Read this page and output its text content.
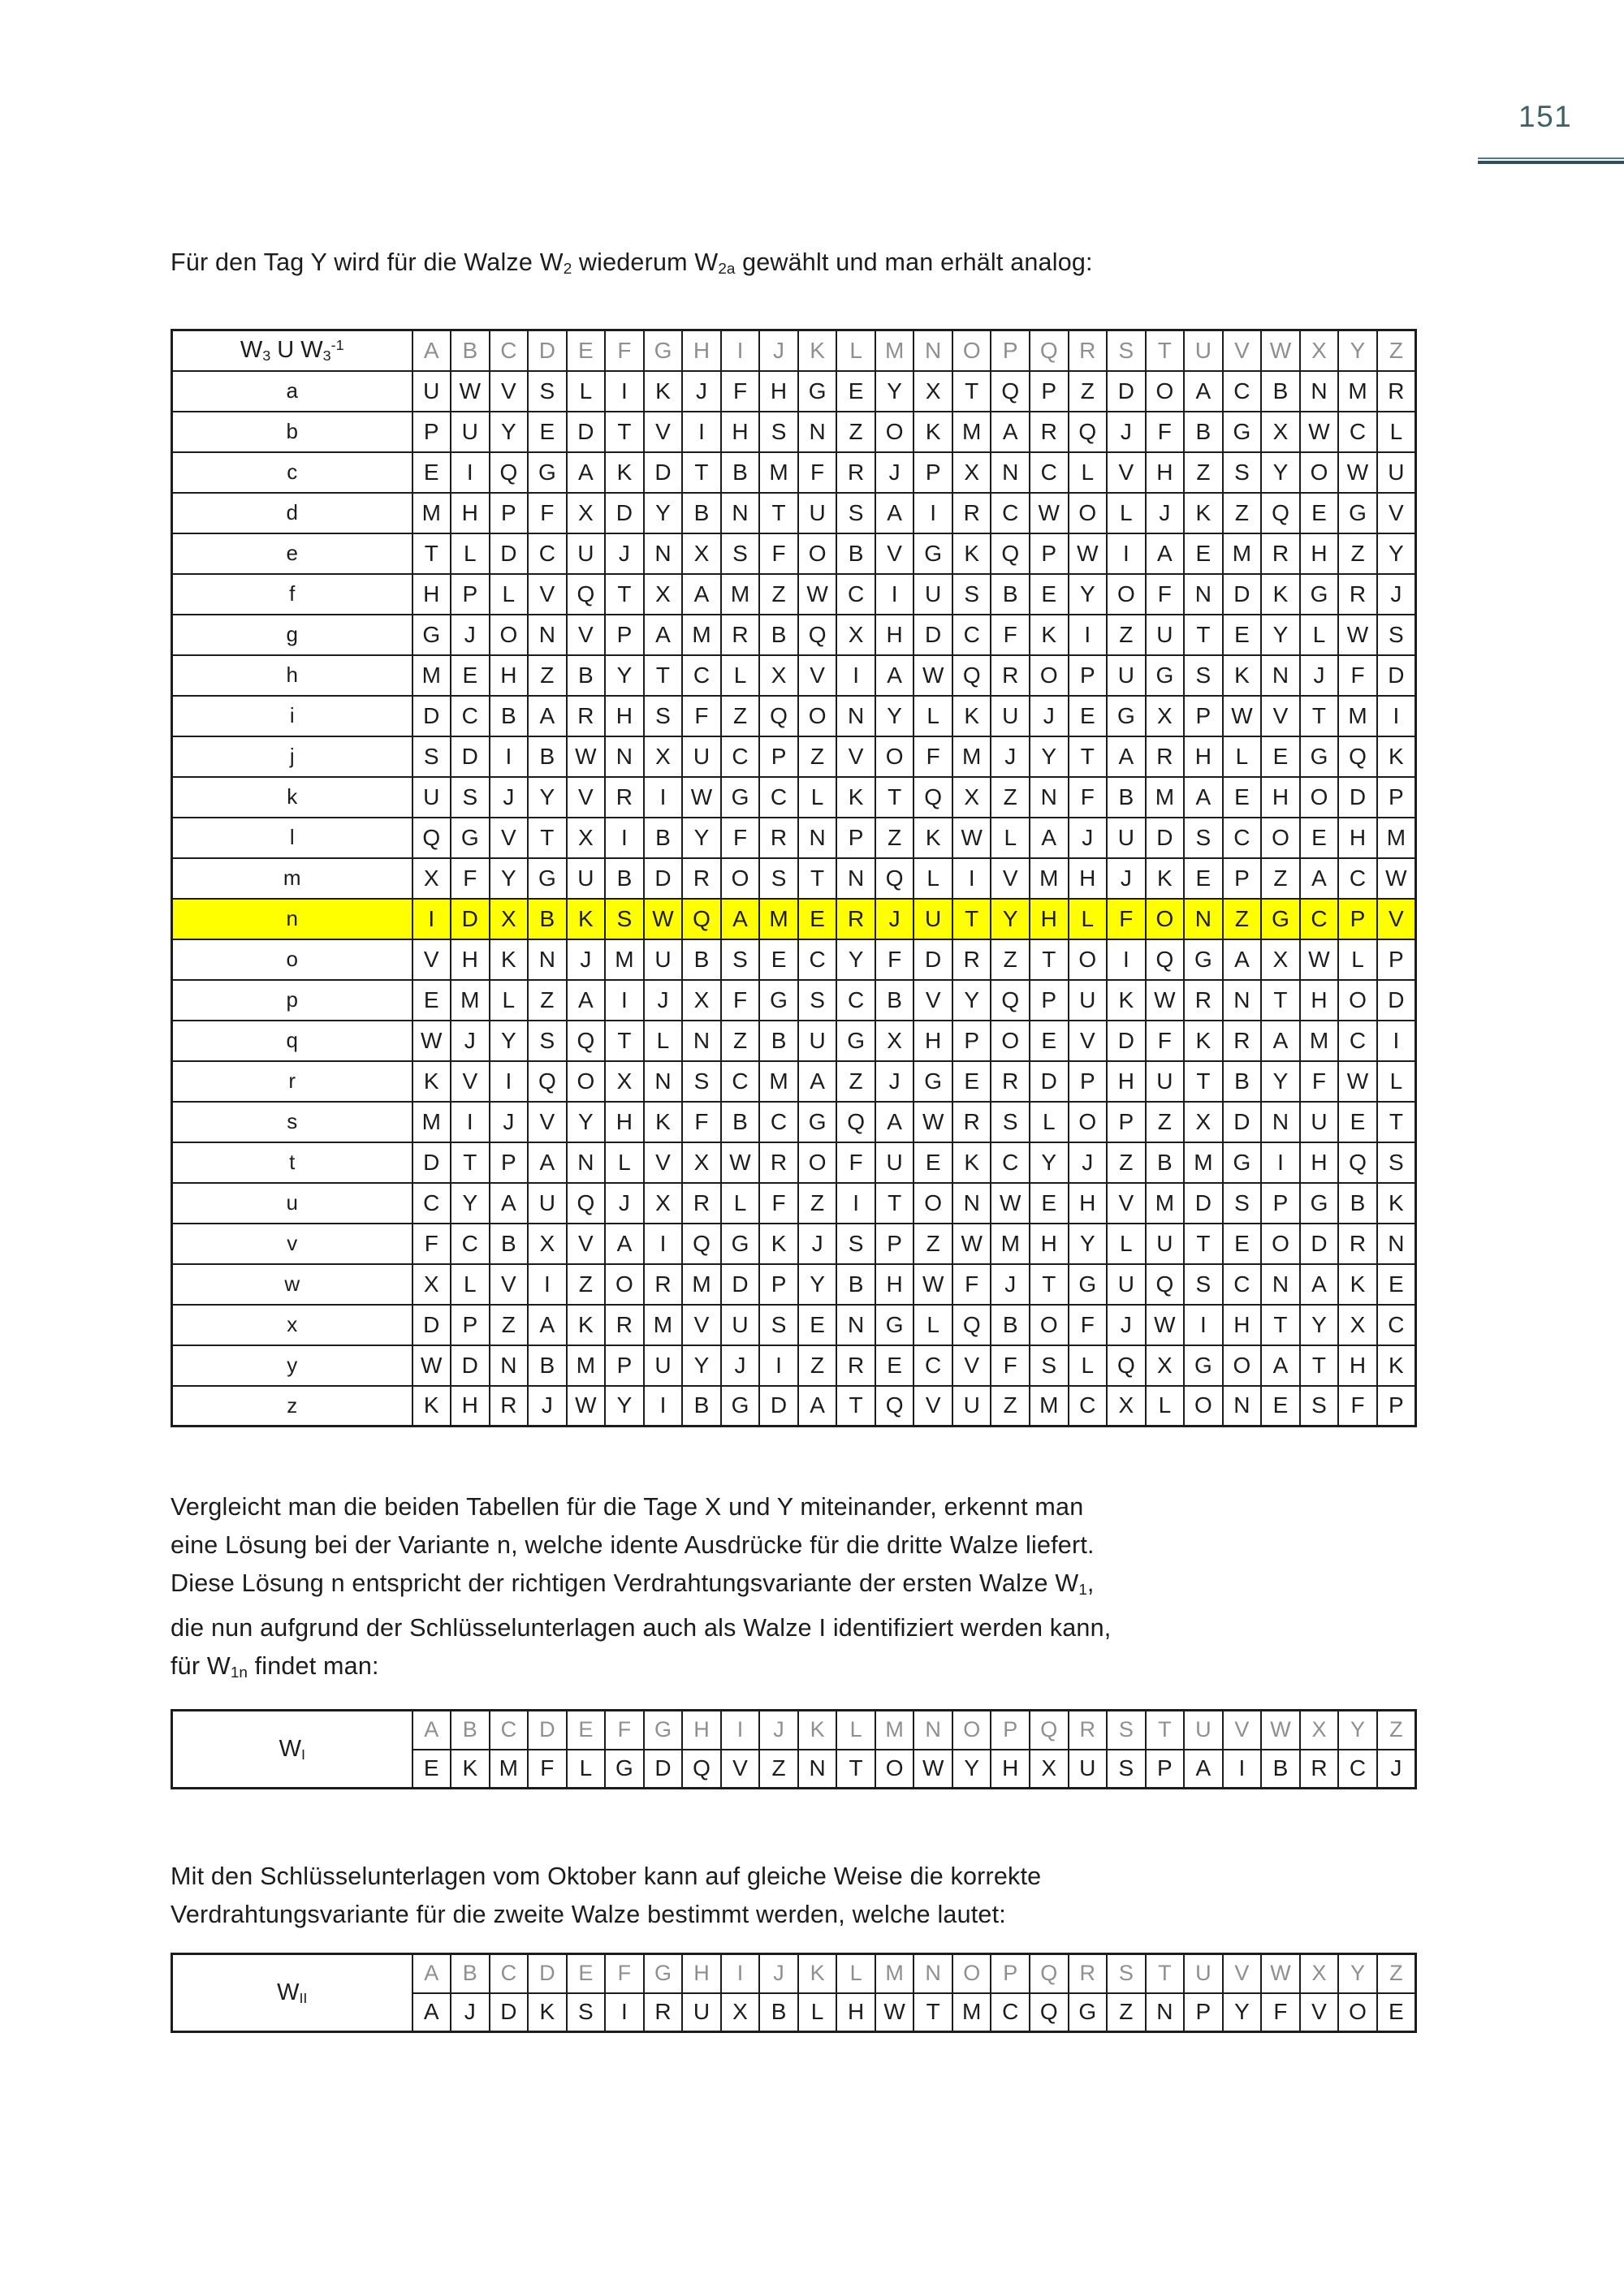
151

Für den Tag Y wird für die Walze $W_2$ wiederum $W_{2a}$ gewählt und man erhält analog:

$W_3$ U $W_3^{-1}$	A	B	C	D	E	F	G	H	I	J	K	L	M	N	O	P	Q	R	S	T	U	V	W	X	Y	Z
a	U	W	V	S	L	I	K	J	F	H	G	E	Y	X	T	Q	P	Z	D	O	A	C	B	N	M	R
b	P	U	Y	E	D	T	V	I	H	S	N	Z	O	K	M	A	R	Q	J	F	B	G	X	W	C	L
c	E	I	Q	G	A	K	D	T	B	M	F	R	J	P	X	N	C	L	V	H	Z	S	Y	O	W	U
d	M	H	P	F	X	D	Y	B	N	T	U	S	A	I	R	C	W	O	L	J	K	Z	Q	E	G	V
e	T	L	D	C	U	J	N	X	S	F	O	B	V	G	K	Q	P	W	I	A	E	M	R	H	Z	Y
f	H	P	L	V	Q	T	X	A	M	Z	W	C	I	U	S	B	E	Y	O	F	N	D	K	G	R	J
g	G	J	O	N	V	P	A	M	R	B	Q	X	H	D	C	F	K	I	Z	U	T	E	Y	L	W	S
h	M	E	H	Z	B	Y	T	C	L	X	V	I	A	W	Q	R	O	P	U	G	S	K	N	J	F	D
i	D	C	B	A	R	H	S	F	Z	Q	O	N	Y	L	K	U	J	E	G	X	P	W	V	T	M	I
j	S	D	I	B	W	N	X	U	C	P	Z	V	O	F	M	J	Y	T	A	R	H	L	E	G	Q	K
k	U	S	J	Y	V	R	I	W	G	C	L	K	T	Q	X	Z	N	F	B	M	A	E	H	O	D	P
l	Q	G	V	T	X	I	B	Y	F	R	N	P	Z	K	W	L	A	J	U	D	S	C	O	E	H	M
m	X	F	Y	G	U	B	D	R	O	S	T	N	Q	L	I	V	M	H	J	K	E	P	Z	A	C	W
n	I	D	X	B	K	S	W	Q	A	M	E	R	J	U	T	Y	H	L	F	O	N	Z	G	C	P	V
o	V	H	K	N	J	M	U	B	S	E	C	Y	F	D	R	Z	T	O	I	Q	G	A	X	W	L	P
p	E	M	L	Z	A	I	J	X	F	G	S	C	B	V	Y	Q	P	U	K	W	R	N	T	H	O	D
q	W	J	Y	S	Q	T	L	N	Z	B	U	G	X	H	P	O	E	V	D	F	K	R	A	M	C	I
r	K	V	I	Q	O	X	N	S	C	M	A	Z	J	G	E	R	D	P	H	U	T	B	Y	F	W	L
s	M	I	J	V	Y	H	K	F	B	C	G	Q	A	W	R	S	L	O	P	Z	X	D	N	U	E	T
t	D	T	P	A	N	L	V	X	W	R	O	F	U	E	K	C	Y	J	Z	B	M	G	I	H	Q	S
u	C	Y	A	U	Q	J	X	R	L	F	Z	I	T	O	N	W	E	H	V	M	D	S	P	G	B	K
v	F	C	B	X	V	A	I	Q	G	K	J	S	P	Z	W	M	H	Y	L	U	T	E	O	D	R	N
w	X	L	V	I	Z	O	R	M	D	P	Y	B	H	W	F	J	T	G	U	Q	S	C	N	A	K	E
x	D	P	Z	A	K	R	M	V	U	S	E	N	G	L	Q	B	O	F	J	W	I	H	T	Y	X	C
y	W	D	N	B	M	P	U	Y	J	I	Z	R	E	C	V	F	S	L	Q	X	G	O	A	T	H	K
z	K	H	R	J	W	Y	I	B	G	D	A	T	Q	V	U	Z	M	C	X	L	O	N	E	S	F	P

Vergleicht man die beiden Tabellen für die Tage X und Y miteinander, erkennt man
eine Lösung bei der Variante n, welche idente Ausdrücke für die dritte Walze liefert.
Diese Lösung n entspricht der richtigen Verdrahtungsvariante der ersten Walze $W_1$,
die nun aufgrund der Schlüsselunterlagen auch als Walze I identifiziert werden kann,
für $W_{1n}$ findet man:

$W_I$	A	B	C	D	E	F	G	H	I	J	K	L	M	N	O	P	Q	R	S	T	U	V	W	X	Y	Z
	E	K	M	F	L	G	D	Q	V	Z	N	T	O	W	Y	H	X	U	S	P	A	I	B	R	C	J

Mit den Schlüsselunterlagen vom Oktober kann auf gleiche Weise die korrekte
Verdrahtungsvariante für die zweite Walze bestimmt werden, welche lautet:

$W_{II}$	A	B	C	D	E	F	G	H	I	J	K	L	M	N	O	P	Q	R	S	T	U	V	W	X	Y	Z
	A	J	D	K	S	I	R	U	X	B	L	H	W	T	M	C	Q	G	Z	N	P	Y	F	V	O	E
